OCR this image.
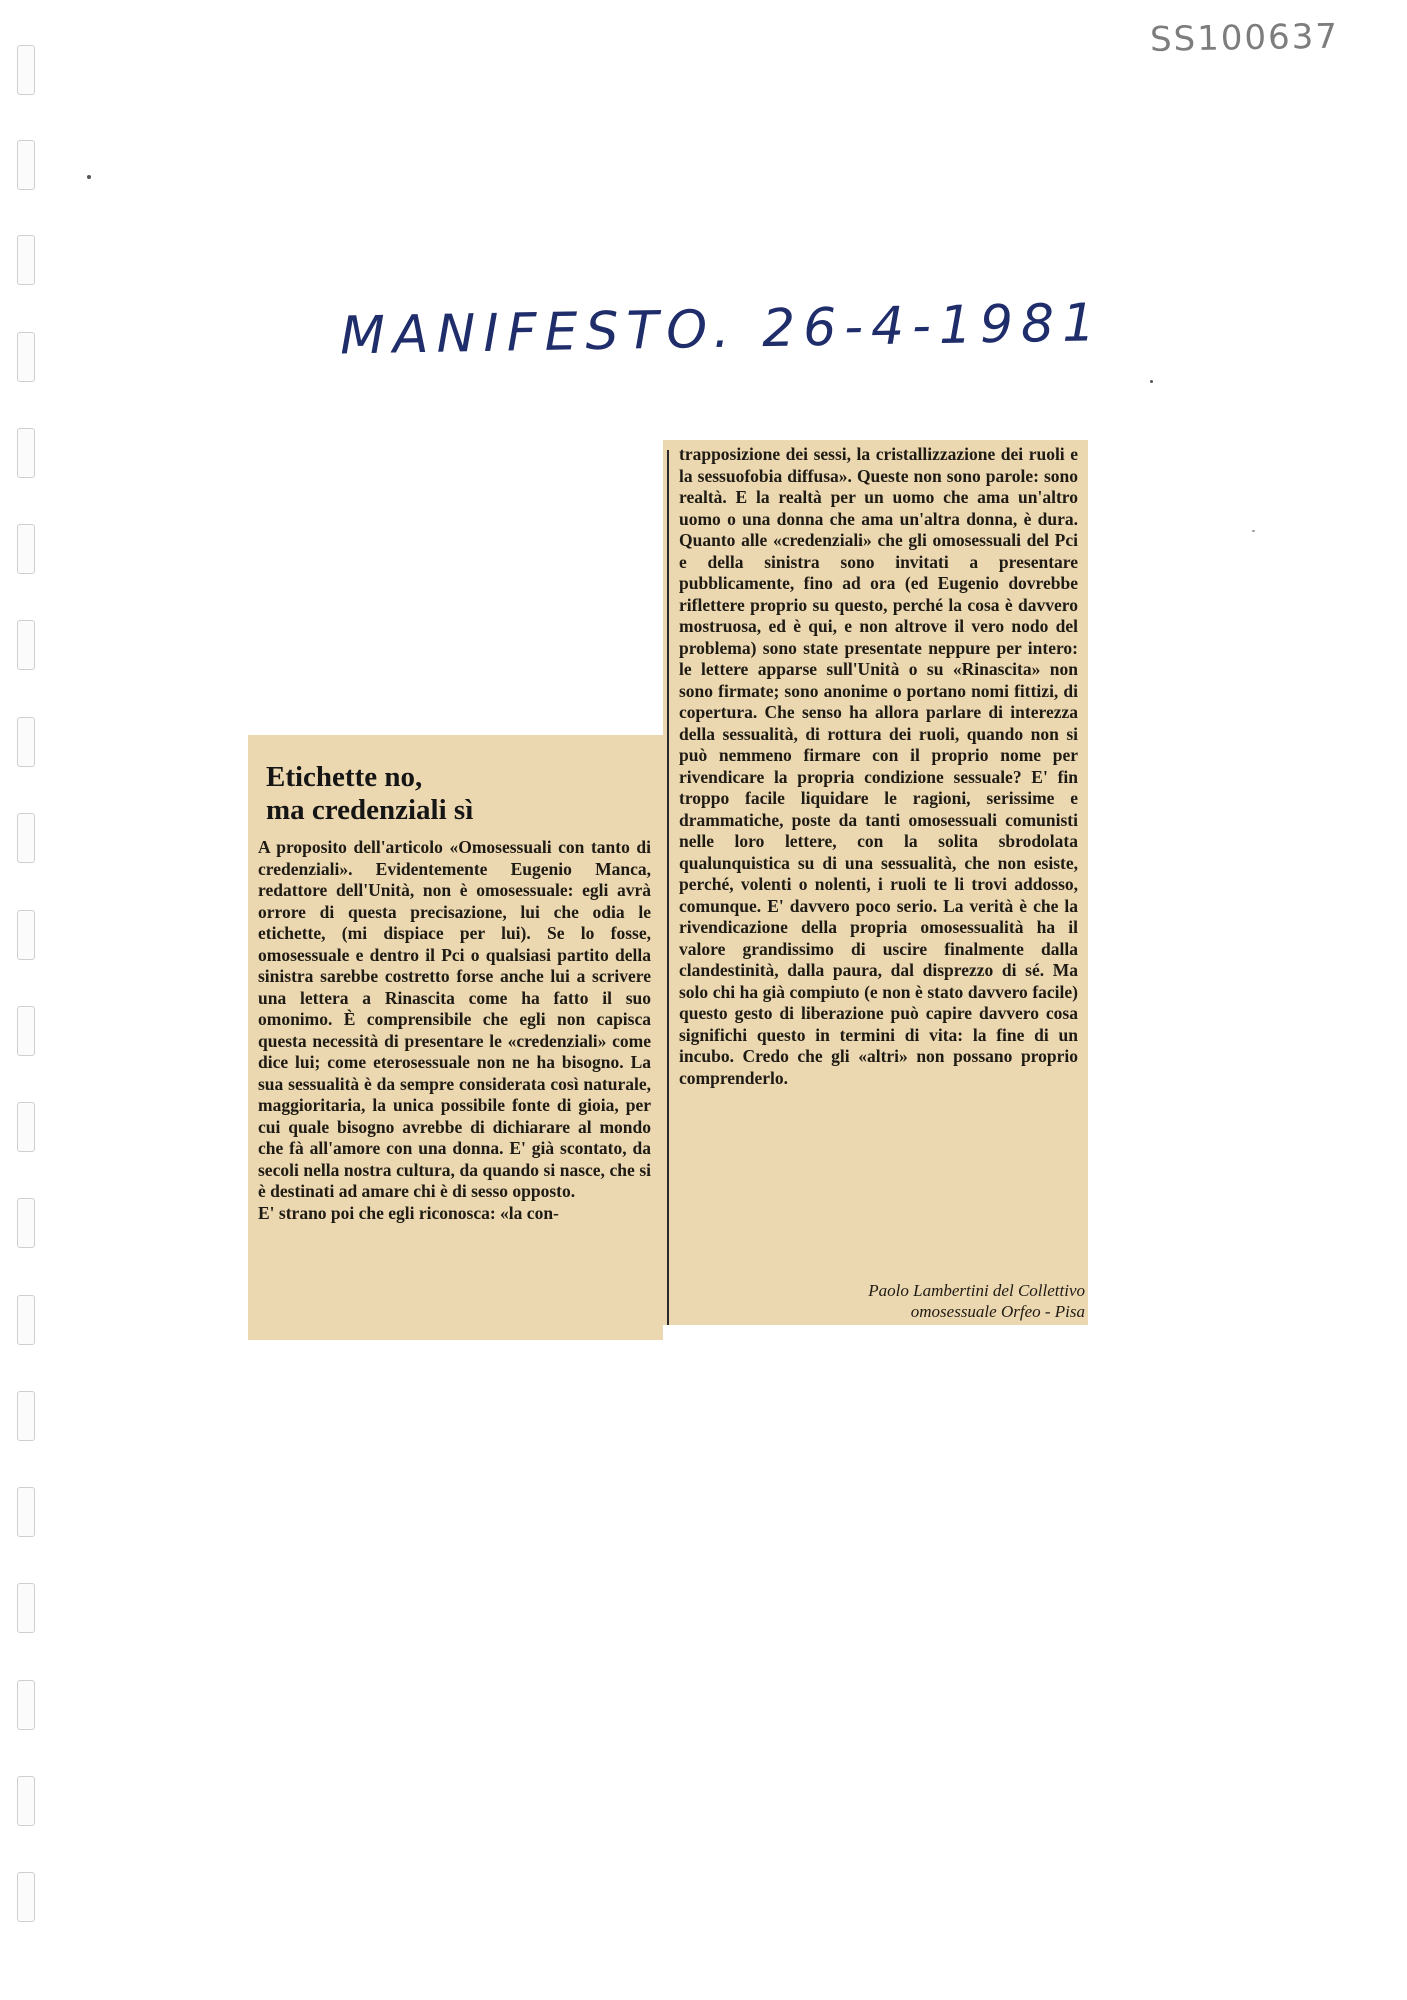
SS100637
MANIFESTO. 26-4-1981
Etichette no,
ma credenziali sì

A proposito dell'articolo «Omosessuali con tanto di credenziali». Evidentemente Eugenio Manca, redattore dell'Unità, non è omosessuale: egli avrà orrore di questa precisazione, lui che odia le etichette, (mi dispiace per lui). Se lo fosse, omosessuale e dentro il Pci o qualsiasi partito della sinistra sarebbe costretto forse anche lui a scrivere una lettera a Rinascita come ha fatto il suo omonimo. È comprensibile che egli non capisca questa necessità di presentare le «credenziali» come dice lui; come eterosessuale non ne ha bisogno. La sua sessualità è da sempre considerata così naturale, maggioritaria, la unica possibile fonte di gioia, per cui quale bisogno avrebbe di dichiarare al mondo che fà all'amore con una donna. E' già scontato, da secoli nella nostra cultura, da quando si nasce, che si è destinati ad amare chi è di sesso opposto.
E' strano poi che egli riconosca: «la con-

trapposizione dei sessi, la cristallizzazione dei ruoli e la sessuofobia diffusa». Queste non sono parole: sono realtà. E la realtà per un uomo che ama un'altro uomo o una donna che ama un'altra donna, è dura. Quanto alle «credenziali» che gli omosessuali del Pci e della sinistra sono invitati a presentare pubblicamente, fino ad ora (ed Eugenio dovrebbe riflettere proprio su questo, perché la cosa è davvero mostruosa, ed è qui, e non altrove il vero nodo del problema) sono state presentate neppure per intero: le lettere apparse sull'Unità o su «Rinascita» non sono firmate; sono anonime o portano nomi fittizi, di copertura. Che senso ha allora parlare di interezza della sessualità, di rottura dei ruoli, quando non si può nemmeno firmare con il proprio nome per rivendicare la propria condizione sessuale? E' fin troppo facile liquidare le ragioni, serissime e drammatiche, poste da tanti omosessuali comunisti nelle loro lettere, con la solita sbrodolata qualunquistica su di una sessualità, che non esiste, perché, volenti o nolenti, i ruoli te li trovi addosso, comunque. E' davvero poco serio. La verità è che la rivendicazione della propria omosessualità ha il valore grandissimo di uscire finalmente dalla clandestinità, dalla paura, dal disprezzo di sé. Ma solo chi ha già compiuto (e non è stato davvero facile) questo gesto di liberazione può capire davvero cosa significhi questo in termini di vita: la fine di un incubo. Credo che gli «altri» non possano proprio comprenderlo.

Paolo Lambertini del Collettivo
omosessuale Orfeo - Pisa
